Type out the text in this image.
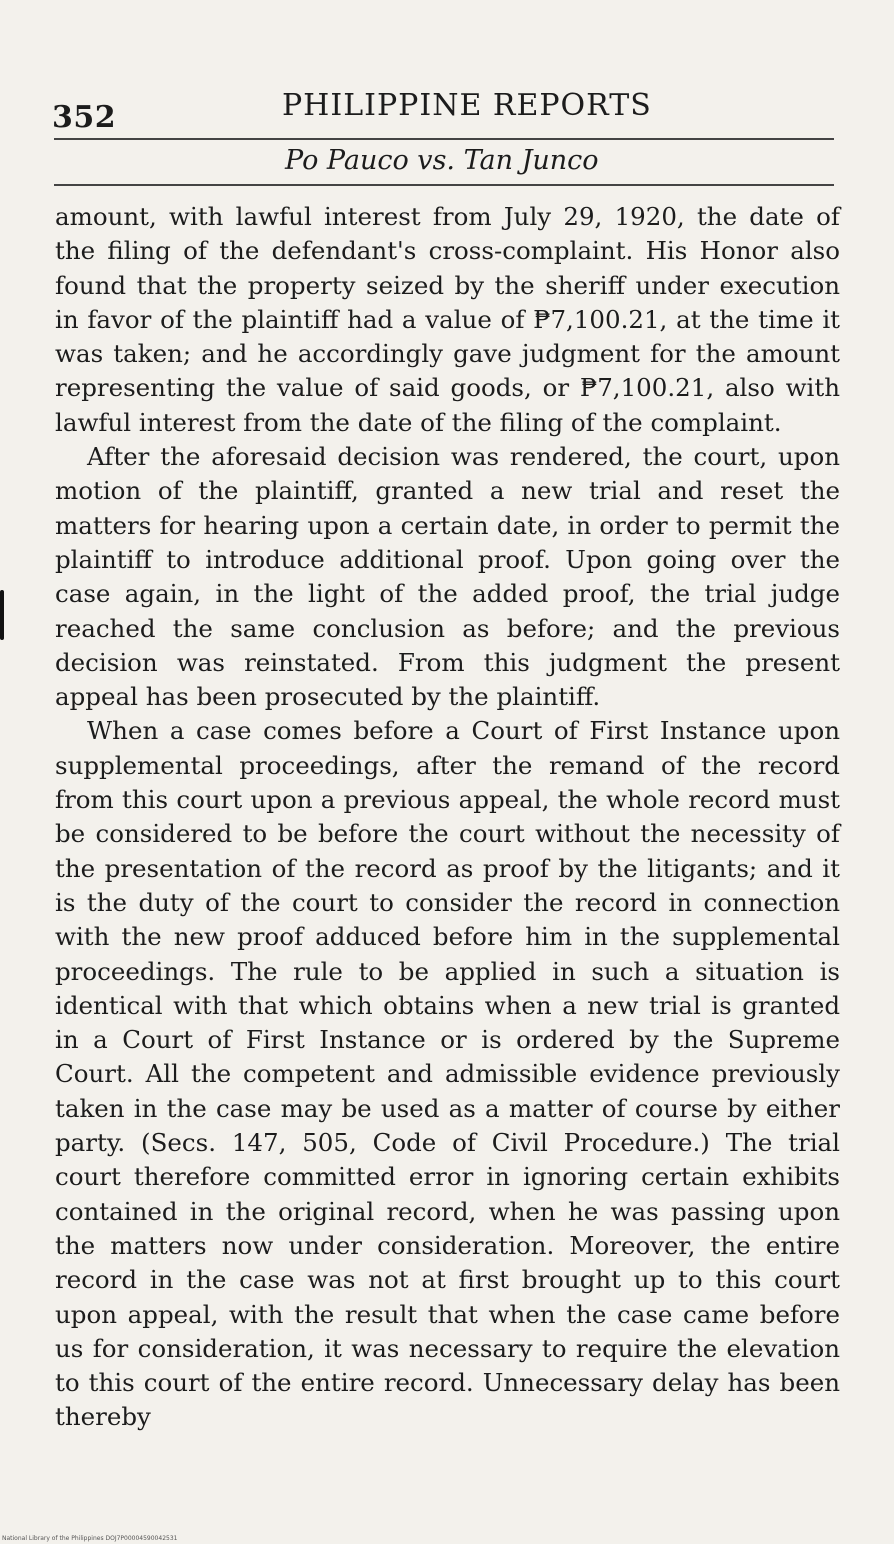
352	PHILIPPINE REPORTS
Po Pauco vs. Tan Junco

amount, with lawful interest from July 29, 1920, the date of the filing of the defendant's cross-complaint. His Honor also found that the property seized by the sheriff under execution in favor of the plaintiff had a value of ₱7,100.21, at the time it was taken; and he accordingly gave judgment for the amount representing the value of said goods, or ₱7,100.21, also with lawful interest from the date of the filing of the complaint.

After the aforesaid decision was rendered, the court, upon motion of the plaintiff, granted a new trial and reset the matters for hearing upon a certain date, in order to permit the plaintiff to introduce additional proof. Upon going over the case again, in the light of the added proof, the trial judge reached the same conclusion as before; and the previous decision was reinstated. From this judgment the present appeal has been prosecuted by the plaintiff.

When a case comes before a Court of First Instance upon supplemental proceedings, after the remand of the record from this court upon a previous appeal, the whole record must be considered to be before the court without the necessity of the presentation of the record as proof by the litigants; and it is the duty of the court to consider the record in connection with the new proof adduced before him in the supplemental proceedings. The rule to be applied in such a situation is identical with that which obtains when a new trial is granted in a Court of First Instance or is ordered by the Supreme Court. All the competent and admissible evidence previously taken in the case may be used as a matter of course by either party. (Secs. 147, 505, Code of Civil Procedure.) The trial court therefore committed error in ignoring certain exhibits contained in the original record, when he was passing upon the matters now under consideration. Moreover, the entire record in the case was not at first brought up to this court upon appeal, with the result that when the case came before us for consideration, it was necessary to require the elevation to this court of the entire record. Unnecessary delay has been thereby

National Library of the Philippines DOJ7P00004590042531
